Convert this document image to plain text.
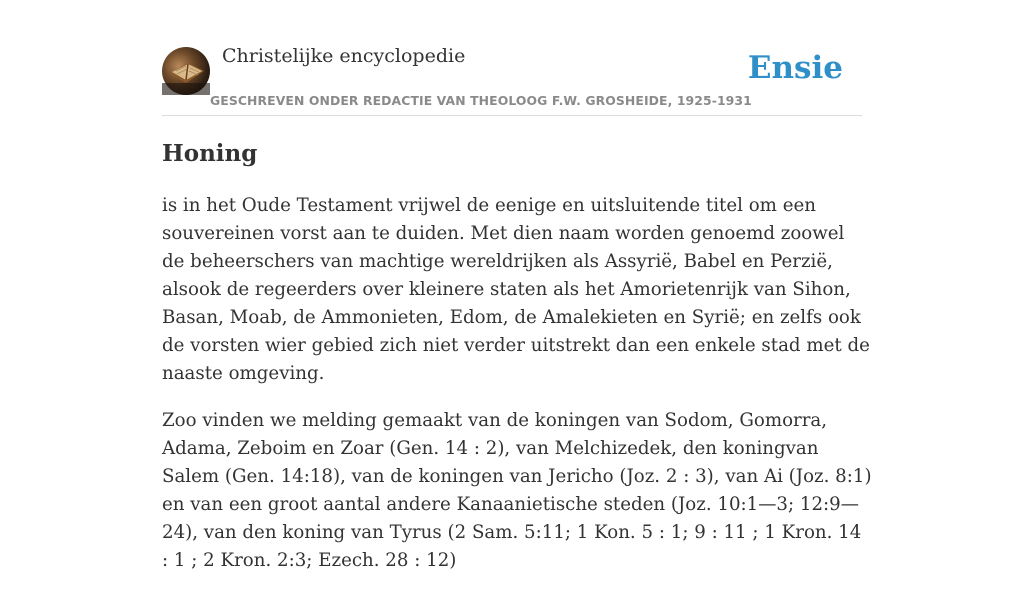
Christelijke encyclopedie
GESCHREVEN ONDER REDACTIE VAN THEOLOOG F.W. GROSHEIDE, 1925-1931
Ensie
Honing

is in het Oude Testament vrijwel de eenige en uitsluitende titel om een souvereinen vorst aan te duiden. Met dien naam worden genoemd zoowel de beheerschers van machtige wereldrijken als Assyrië, Babel en Perzië, alsook de regeerders over kleinere staten als het Amorietenrijk van Sihon, Basan, Moab, de Ammonieten, Edom, de Amalekieten en Syrië; en zelfs ook de vorsten wier gebied zich niet verder uitstrekt dan een enkele stad met de naaste omgeving.

Zoo vinden we melding gemaakt van de koningen van Sodom, Gomorra, Adama, Zeboim en Zoar (Gen. 14 : 2), van Melchizedek, den koningvan Salem (Gen. 14:18), van de koningen van Jericho (Joz. 2 : 3), van Ai (Joz. 8:1) en van een groot aantal andere Kanaanietische steden (Joz. 10:1—3; 12:9—24), van den koning van Tyrus (2 Sam. 5:11; 1 Kon. 5 : 1; 9 : 11 ; 1 Kron. 14 : 1 ; 2 Kron. 2:3; Ezech. 28 : 12)
